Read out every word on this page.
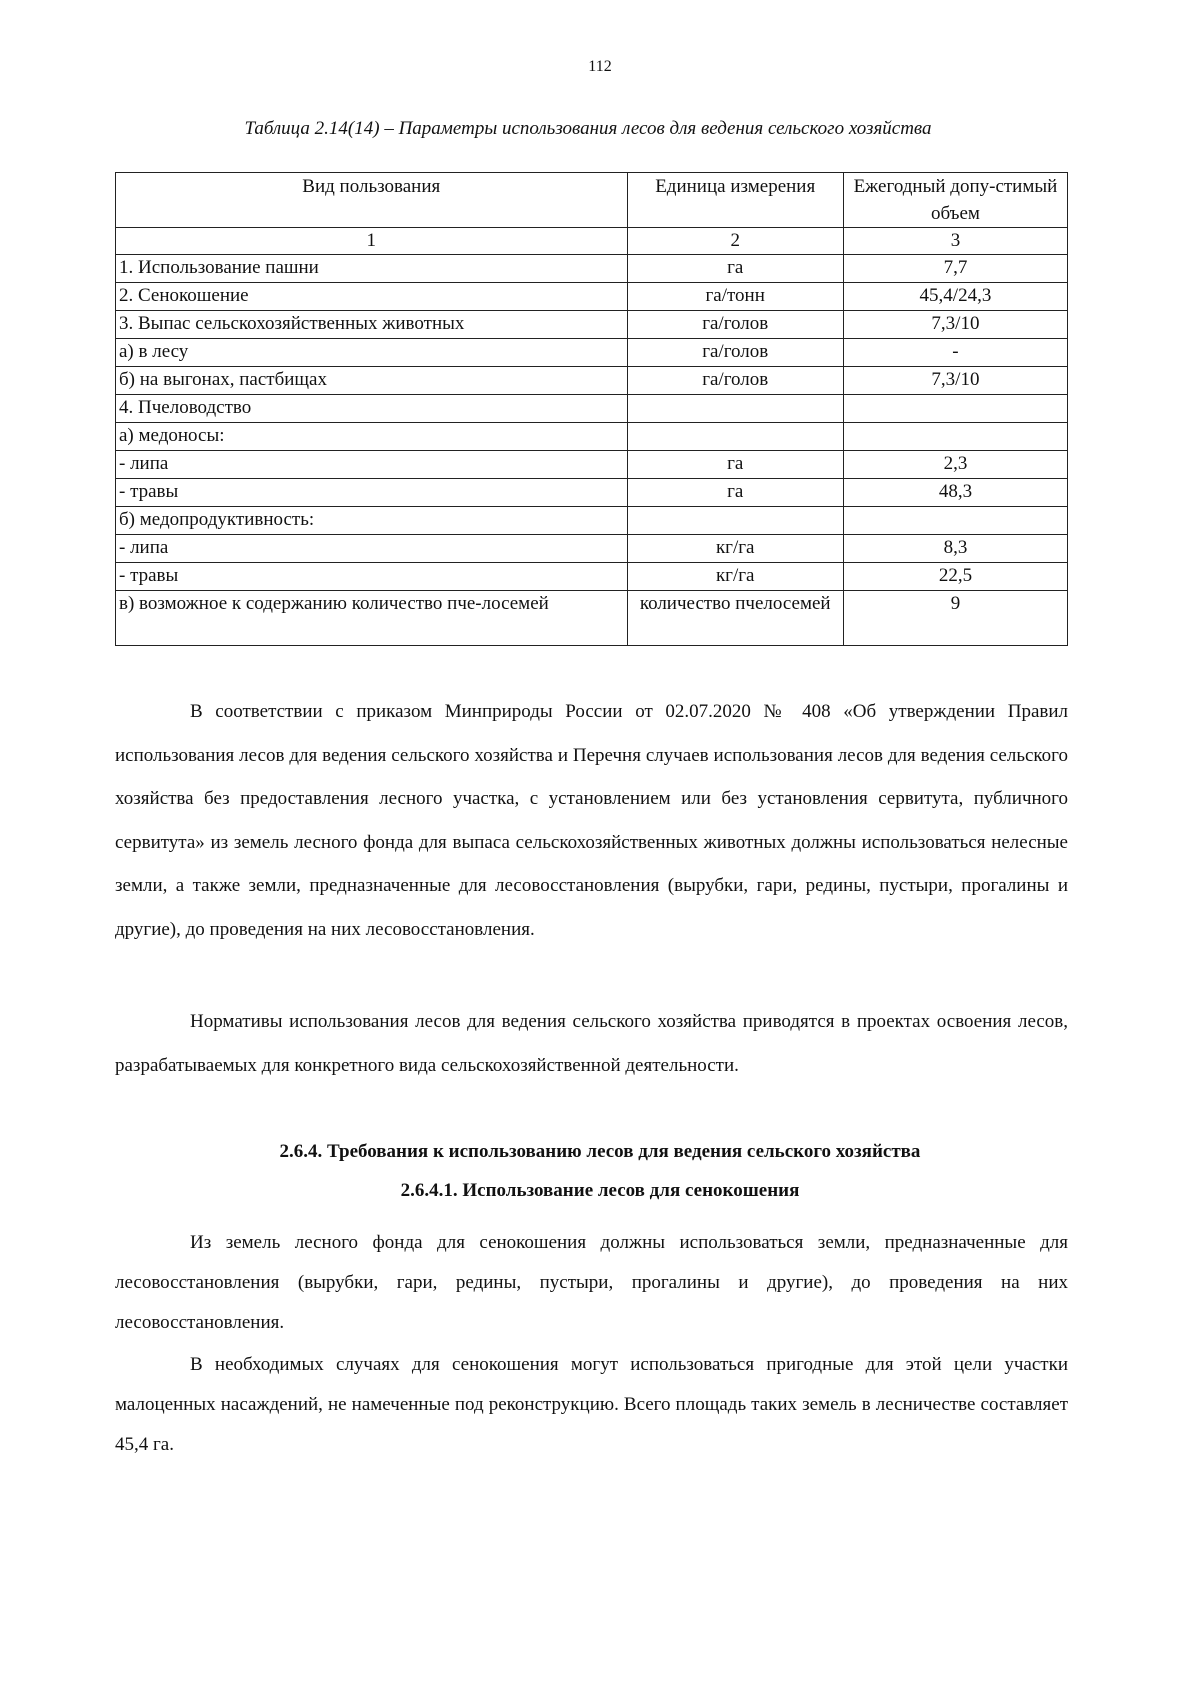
112
Таблица 2.14(14) – Параметры использования лесов для ведения сельского хозяйства
Вид пользования	Единица измерения	Ежегодный допу-стимый объем
1	2	3
1. Использование пашни	га	7,7
2. Сенокошение	га/тонн	45,4/24,3
3. Выпас сельскохозяйственных животных	га/голов	7,3/10
а) в лесу	га/голов	-
б) на выгонах, пастбищах	га/голов	7,3/10
4. Пчеловодство		
а) медоносы:		
- липа	га	2,3
- травы	га	48,3
б) медопродуктивность:		
- липа	кг/га	8,3
- травы	кг/га	22,5
в) возможное к содержанию количество пче-лосемей	количество пчелосемей	9

В соответствии с приказом Минприроды России от 02.07.2020 № 408 «Об утверждении Правил использования лесов для ведения сельского хозяйства и Перечня случаев использования лесов для ведения сельского хозяйства без предоставления лесного участка, с установлением или без установления сервитута, публичного сервитута» из земель лесного фонда для выпаса сельскохозяйственных животных должны использоваться нелесные земли, а также земли, предназначенные для лесовосстановления (вырубки, гари, редины, пустыри, прогалины и другие), до проведения на них лесовосстановления.

Нормативы использования лесов для ведения сельского хозяйства приводятся в проектах освоения лесов, разрабатываемых для конкретного вида сельскохозяйственной деятельности.

2.6.4. Требования к использованию лесов для ведения сельского хозяйства
2.6.4.1. Использование лесов для сенокошения

Из земель лесного фонда для сенокошения должны использоваться земли, предназначенные для лесовосстановления (вырубки, гари, редины, пустыри, прогалины и другие), до проведения на них лесовосстановления.

В необходимых случаях для сенокошения могут использоваться пригодные для этой цели участки малоценных насаждений, не намеченные под реконструкцию. Всего площадь таких земель в лесничестве составляет 45,4 га.
